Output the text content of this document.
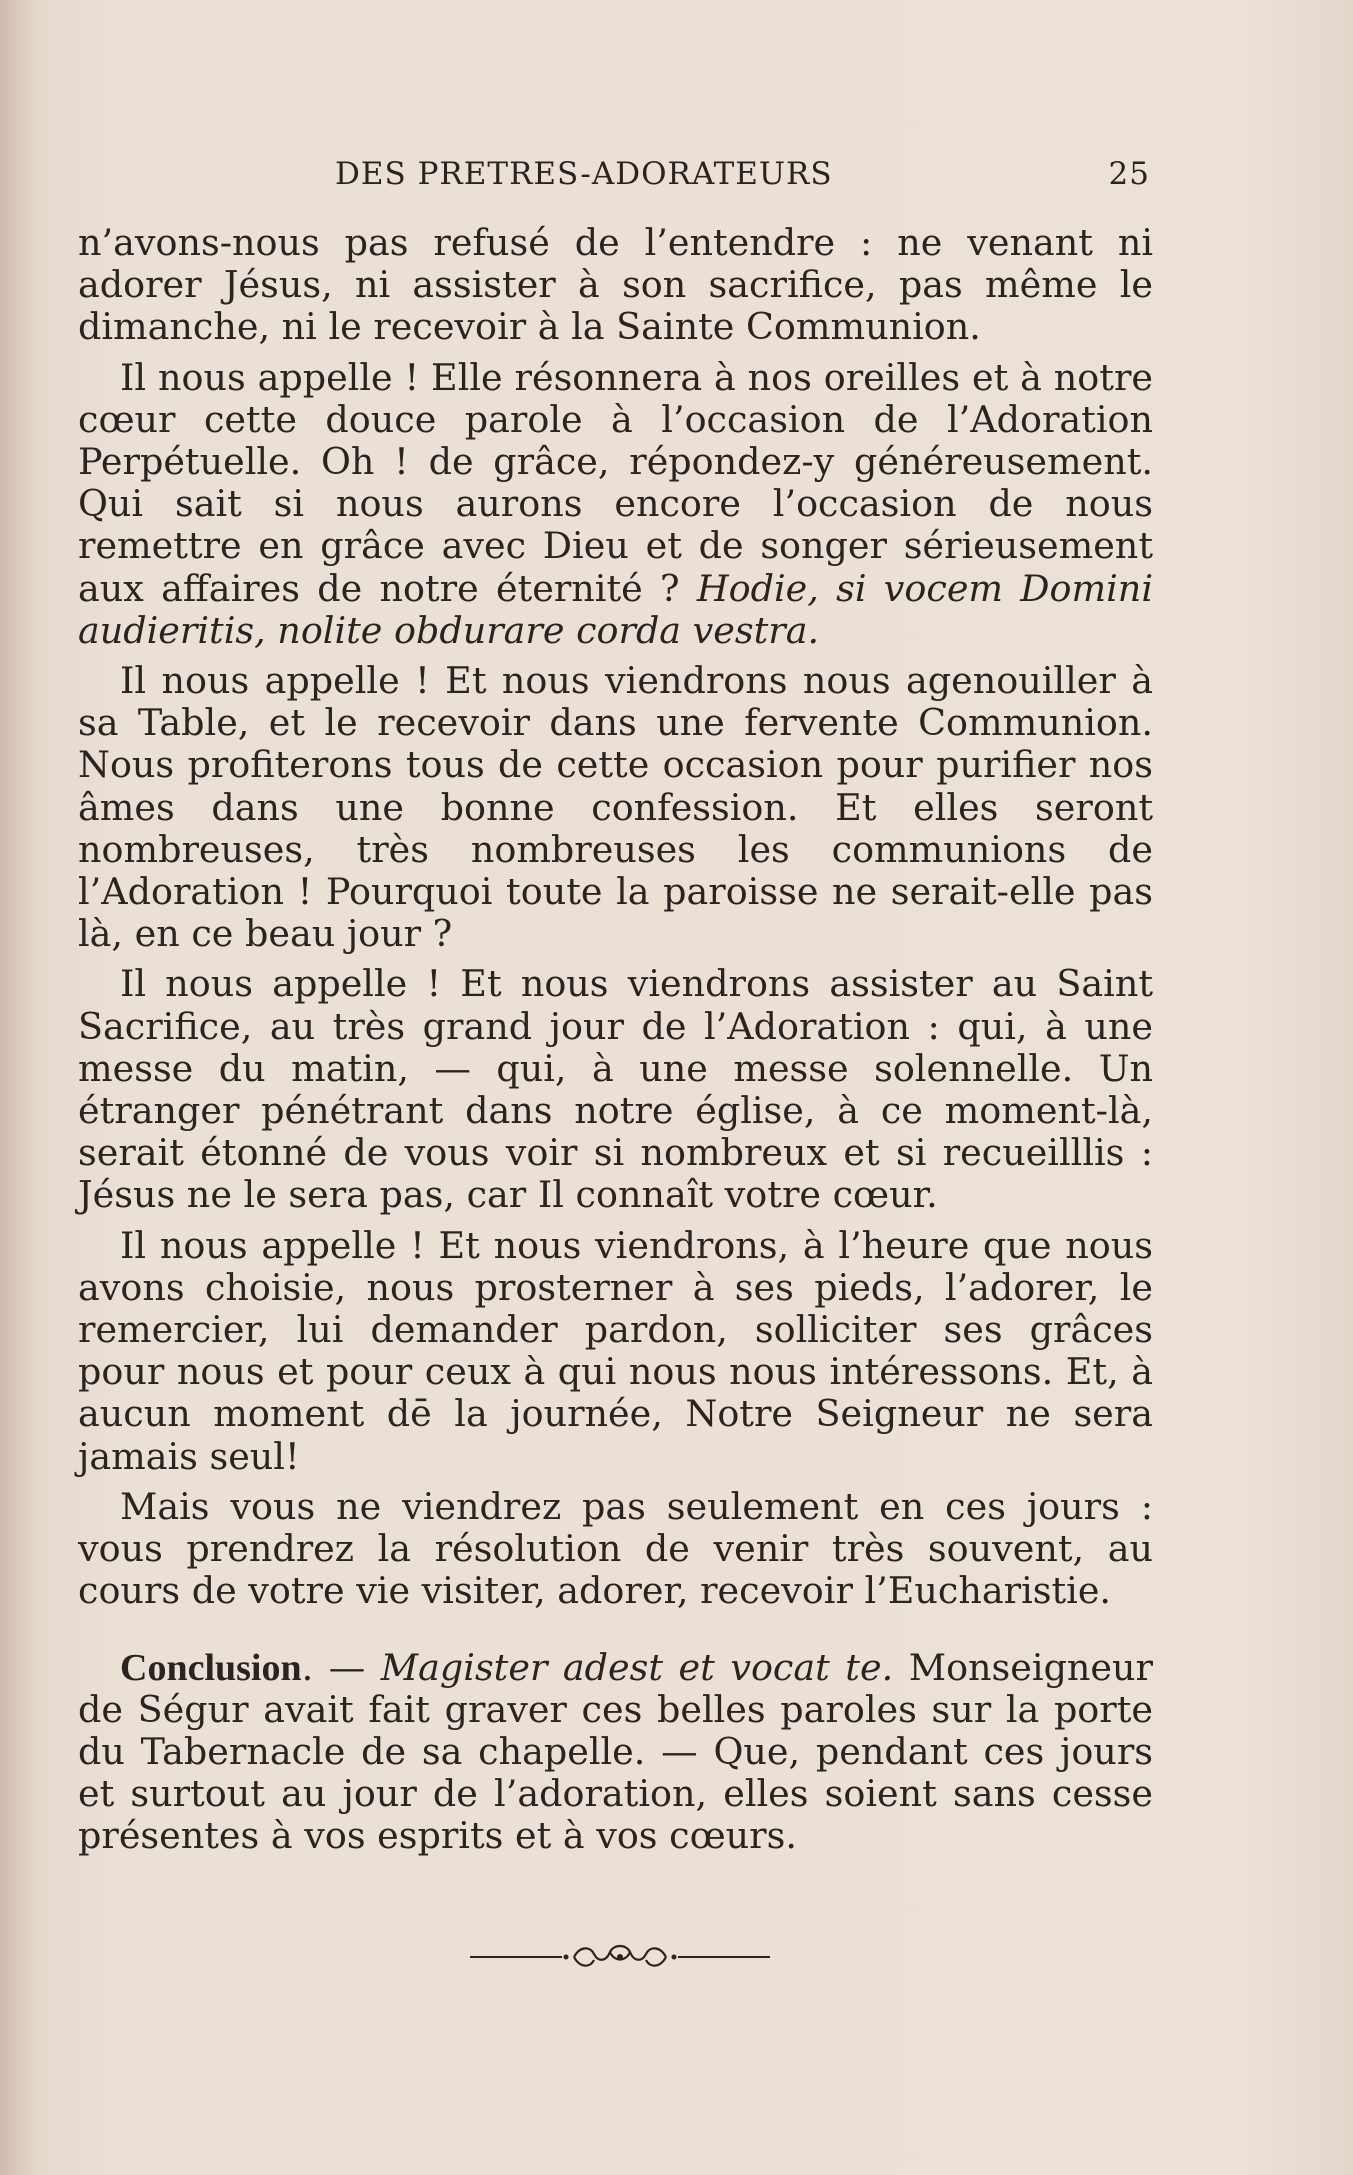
DES PRETRES-ADORATEURS	25

n’avons-nous pas refusé de l’entendre : ne venant ni adorer Jésus, ni assister à son sacrifice, pas même le dimanche, ni le recevoir à la Sainte Communion.

Il nous appelle ! Elle résonnera à nos oreilles et à notre cœur cette douce parole à l’occasion de l’Adoration Perpétuelle. Oh ! de grâce, répondez-y généreusement. Qui sait si nous aurons encore l’occasion de nous remettre en grâce avec Dieu et de songer sérieusement aux affaires de notre éternité ? Hodie, si vocem Domini audieritis, nolite obdurare corda vestra.

Il nous appelle ! Et nous viendrons nous agenouiller à sa Table, et le recevoir dans une fervente Communion. Nous profiterons tous de cette occasion pour purifier nos âmes dans une bonne confession. Et elles seront nombreuses, très nombreuses les communions de l’Adoration ! Pourquoi toute la paroisse ne serait-elle pas là, en ce beau jour ?

Il nous appelle ! Et nous viendrons assister au Saint Sacrifice, au très grand jour de l’Adoration : qui, à une messe du matin, — qui, à une messe solennelle. Un étranger pénétrant dans notre église, à ce moment-là, serait étonné de vous voir si nombreux et si recueilllis : Jésus ne le sera pas, car Il connaît votre cœur.

Il nous appelle ! Et nous viendrons, à l’heure que nous avons choisie, nous prosterner à ses pieds, l’adorer, le remercier, lui demander pardon, solliciter ses grâces pour nous et pour ceux à qui nous nous intéressons. Et, à aucun moment dē la journée, Notre Seigneur ne sera jamais seul!

Mais vous ne viendrez pas seulement en ces jours : vous prendrez la résolution de venir très souvent, au cours de votre vie visiter, adorer, recevoir l’Eucharistie.

Conclusion. — Magister adest et vocat te. Monseigneur de Ségur avait fait graver ces belles paroles sur la porte du Tabernacle de sa chapelle. — Que, pendant ces jours et surtout au jour de l’adoration, elles soient sans cesse présentes à vos esprits et à vos cœurs.
